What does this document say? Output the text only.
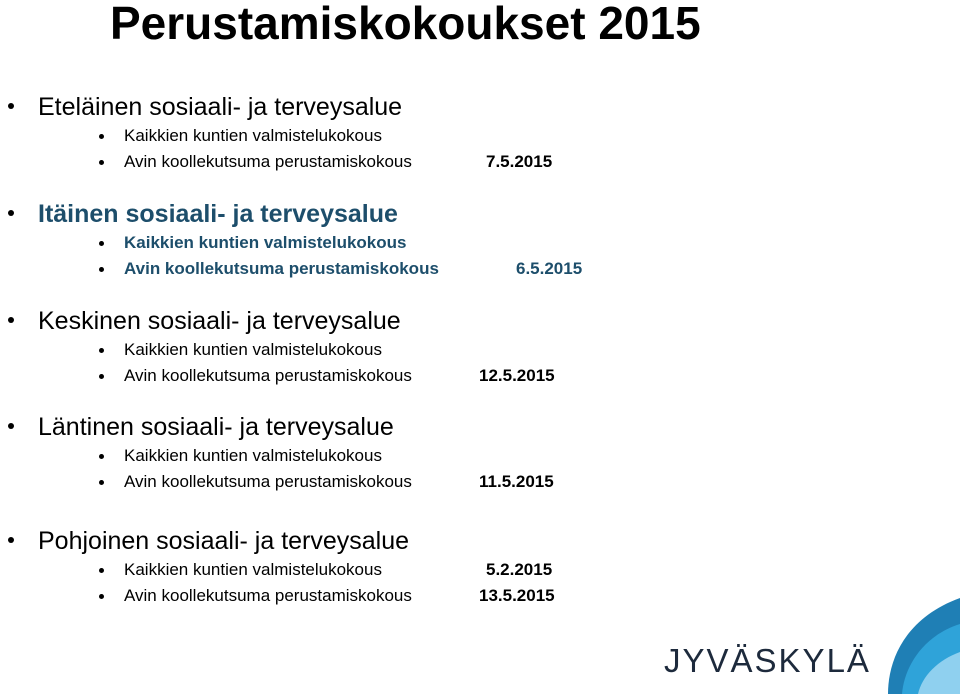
Perustamiskokoukset 2015
Eteläinen sosiaali- ja terveysalue
Kaikkien kuntien valmistelukokous
Avin koollekutsuma perustamiskokous	7.5.2015
Itäinen sosiaali- ja terveysalue
Kaikkien kuntien valmistelukokous
Avin koollekutsuma perustamiskokous	6.5.2015
Keskinen sosiaali- ja terveysalue
Kaikkien kuntien valmistelukokous
Avin koollekutsuma perustamiskokous	12.5.2015
Läntinen sosiaali- ja terveysalue
Kaikkien kuntien valmistelukokous
Avin koollekutsuma perustamiskokous	11.5.2015
Pohjoinen sosiaali- ja terveysalue
Kaikkien kuntien valmistelukokous	5.2.2015
Avin koollekutsuma perustamiskokous	13.5.2015
JYVÄSKYLÄ
